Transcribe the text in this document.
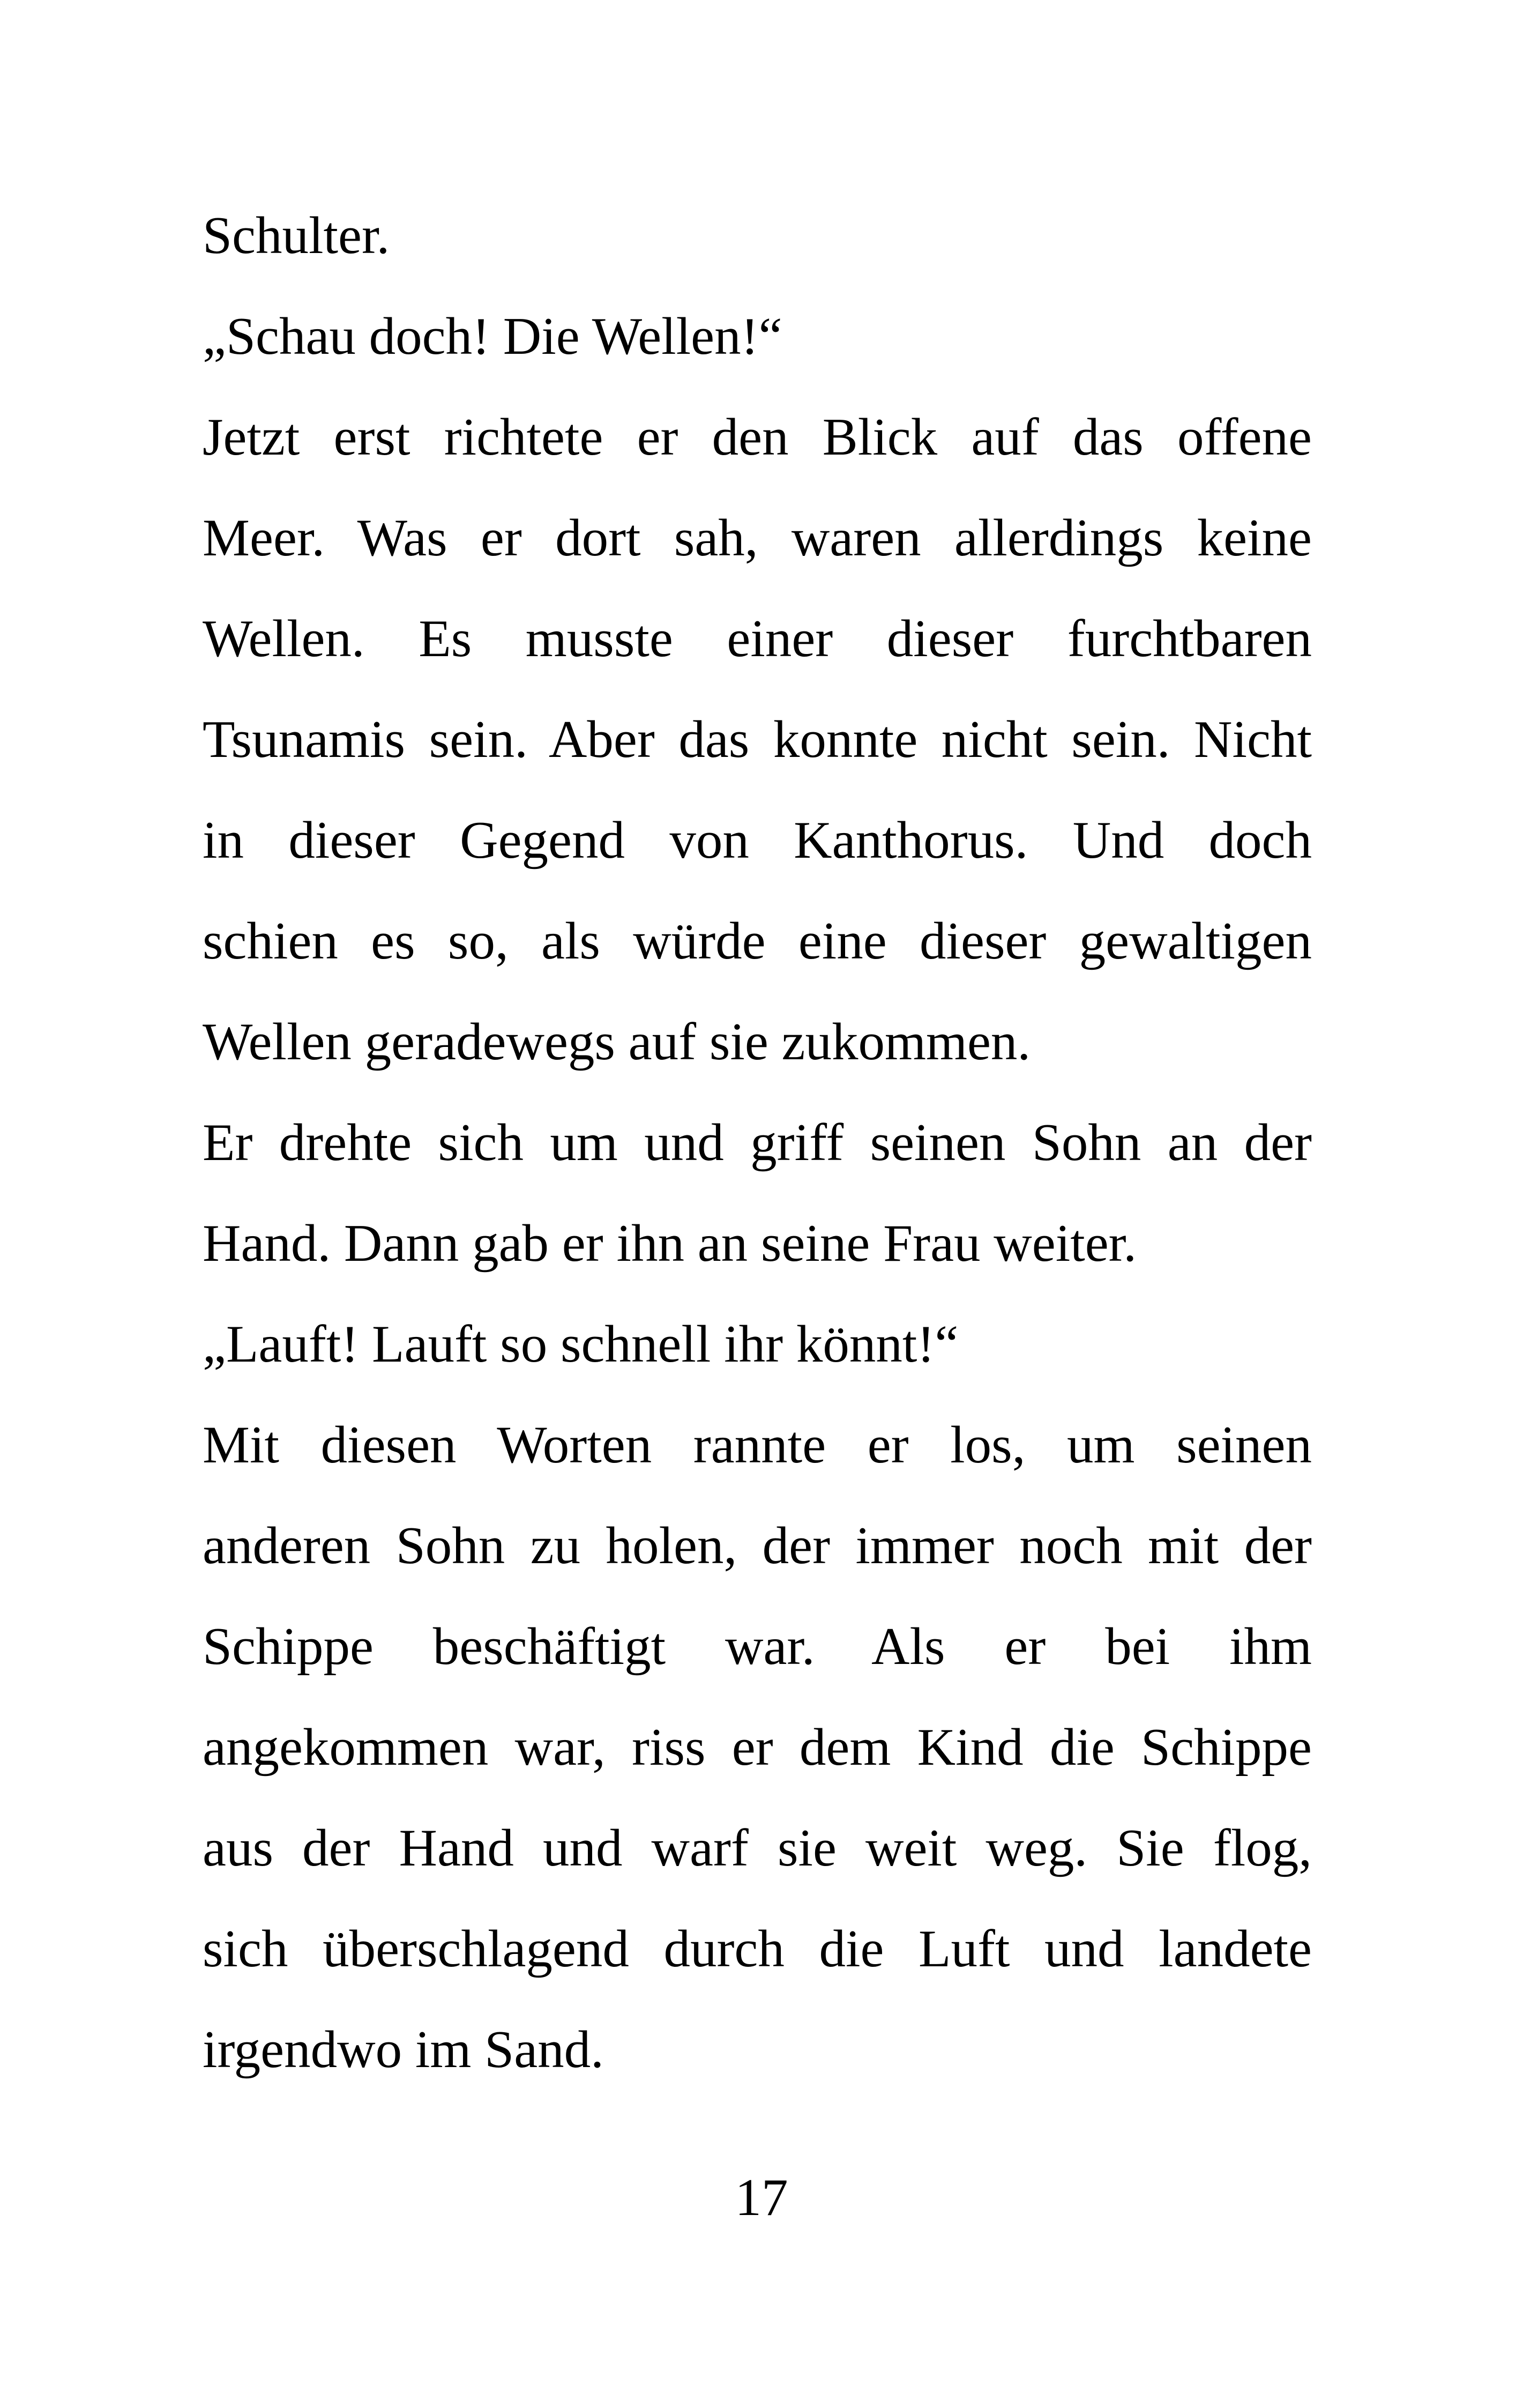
Schulter.
„Schau doch! Die Wellen!“
Jetzt erst richtete er den Blick auf das offene
Meer. Was er dort sah, waren allerdings keine
Wellen. Es musste einer dieser furchtbaren
Tsunamis sein. Aber das konnte nicht sein. Nicht
in dieser Gegend von Kanthorus. Und doch
schien es so, als würde eine dieser gewaltigen
Wellen geradewegs auf sie zukommen.
Er drehte sich um und griff seinen Sohn an der
Hand. Dann gab er ihn an seine Frau weiter.
„Lauft! Lauft so schnell ihr könnt!“
Mit diesen Worten rannte er los, um seinen
anderen Sohn zu holen, der immer noch mit der
Schippe beschäftigt war. Als er bei ihm
angekommen war, riss er dem Kind die Schippe
aus der Hand und warf sie weit weg. Sie flog,
sich überschlagend durch die Luft und landete
irgendwo im Sand.
17
